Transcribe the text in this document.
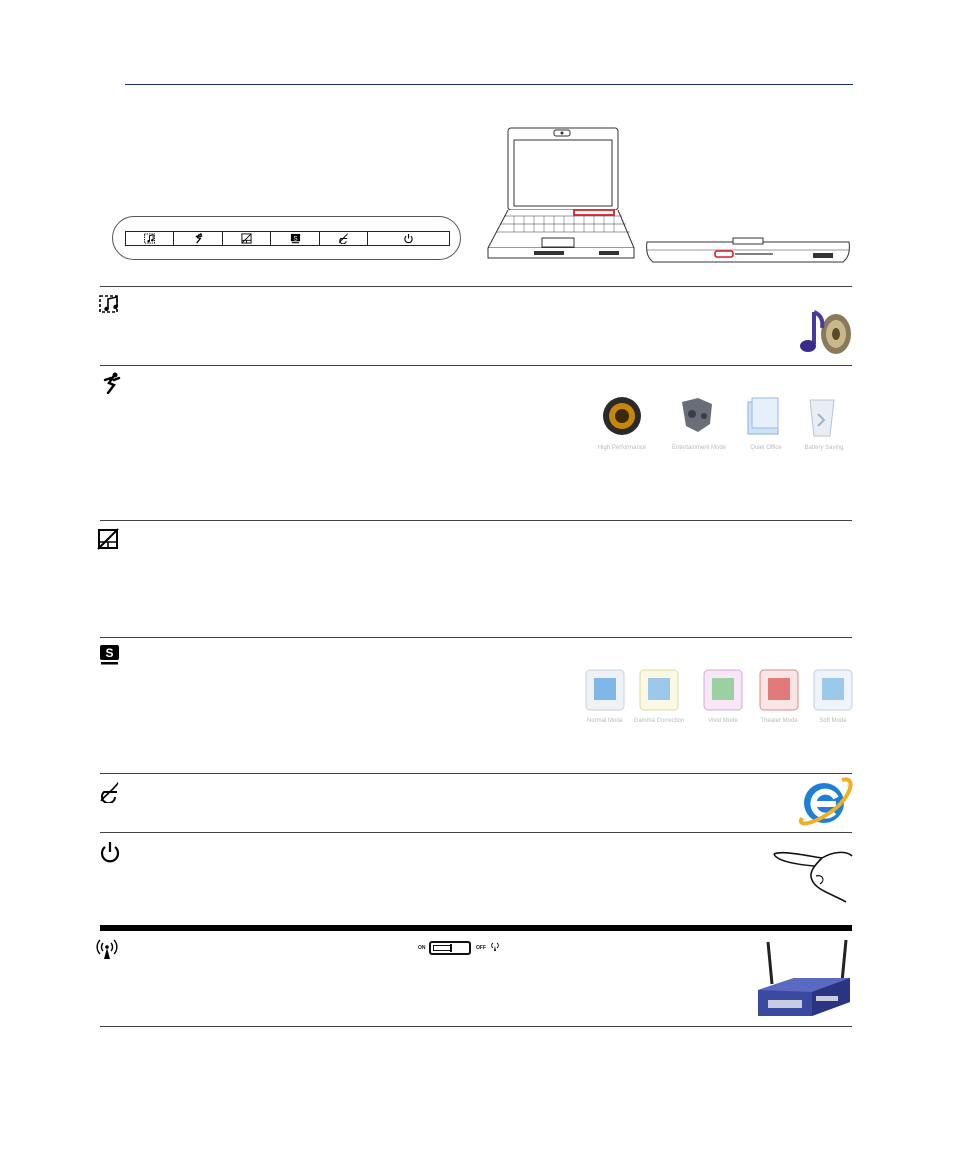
S
High Performance	Entertainment Mode	Quiet Office	Battery Saving
S
Normal Mode Gamma Correction	Vivid Mode	Theater Mode	Soft Mode
ON	OFF
